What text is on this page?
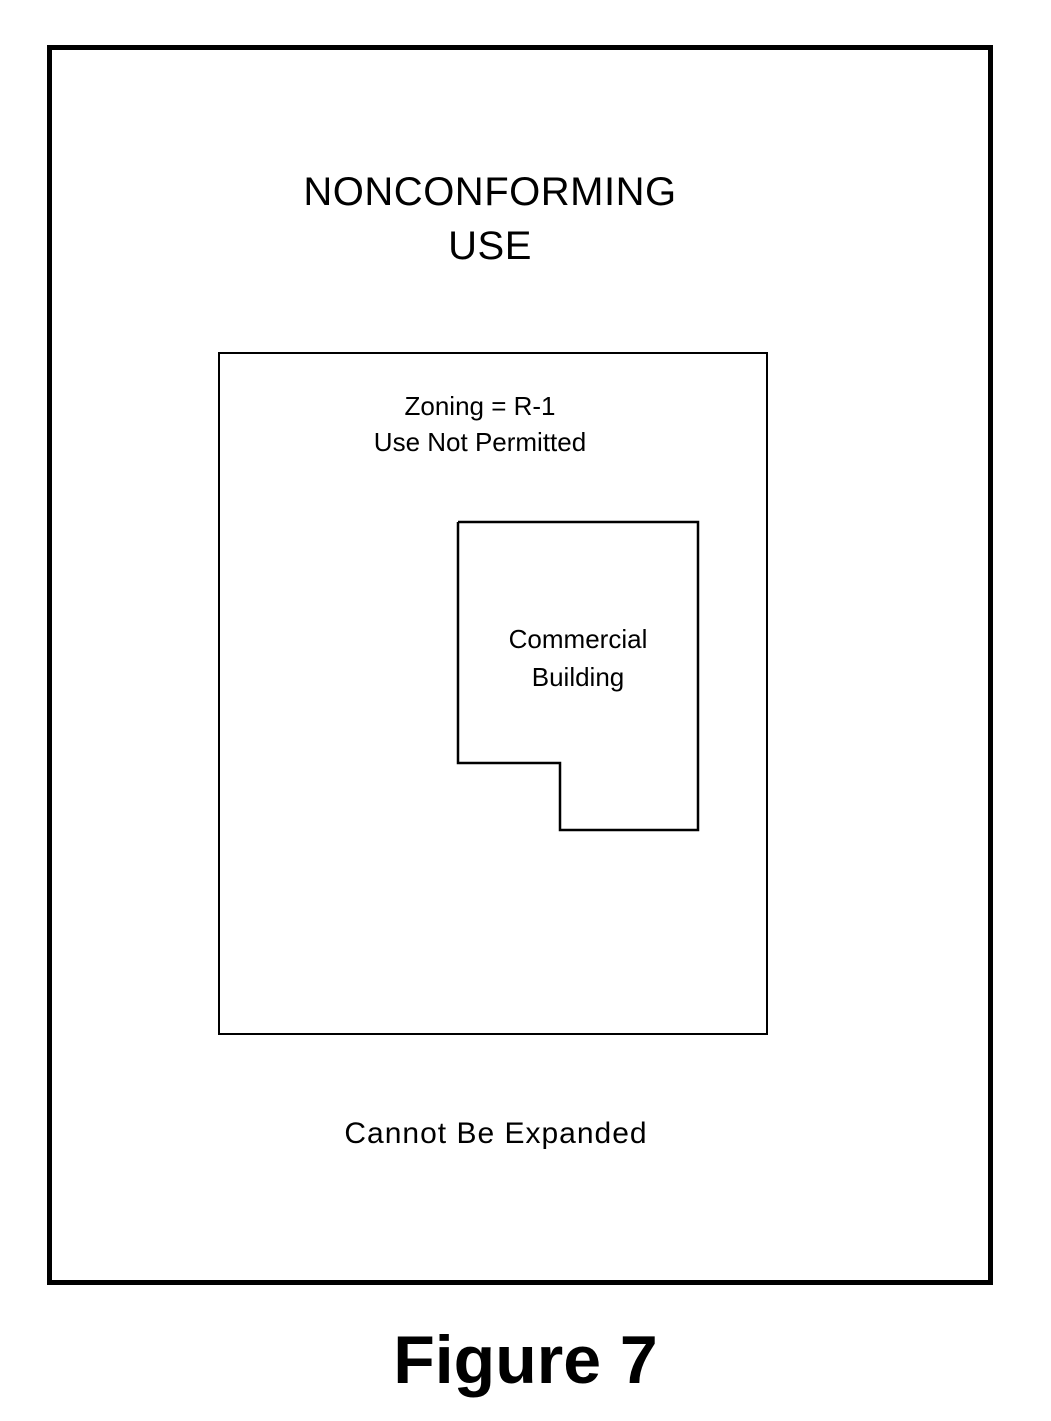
NONCONFORMING
USE
Zoning = R-1
Use Not Permitted
Commercial
Building
Cannot Be Expanded
Figure 7
